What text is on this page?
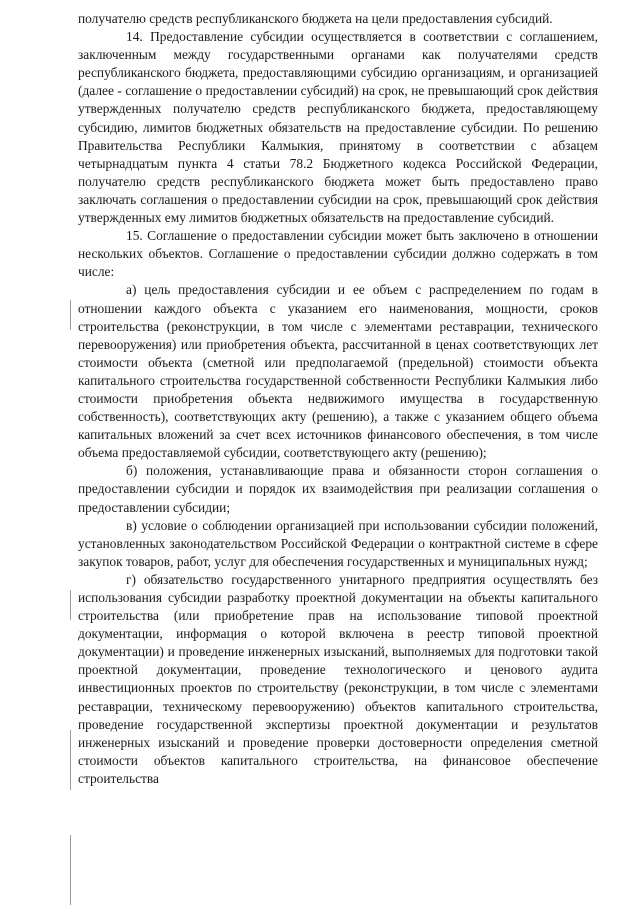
получателю средств республиканского бюджета на цели предоставления субсидий.

14. Предоставление субсидии осуществляется в соответствии с соглашением, заключенным между государственными органами как получателями средств республиканского бюджета, предоставляющими субсидию организациям, и организацией (далее - соглашение о предоставлении субсидий) на срок, не превышающий срок действия утвержденных получателю средств республиканского бюджета, предоставляющему субсидию, лимитов бюджетных обязательств на предоставление субсидии. По решению Правительства Республики Калмыкия, принятому в соответствии с абзацем четырнадцатым пункта 4 статьи 78.2 Бюджетного кодекса Российской Федерации, получателю средств республиканского бюджета может быть предоставлено право заключать соглашения о предоставлении субсидии на срок, превышающий срок действия утвержденных ему лимитов бюджетных обязательств на предоставление субсидий.

15. Соглашение о предоставлении субсидии может быть заключено в отношении нескольких объектов. Соглашение о предоставлении субсидии должно содержать в том числе:

а) цель предоставления субсидии и ее объем с распределением по годам в отношении каждого объекта с указанием его наименования, мощности, сроков строительства (реконструкции, в том числе с элементами реставрации, технического перевооружения) или приобретения объекта, рассчитанной в ценах соответствующих лет стоимости объекта (сметной или предполагаемой (предельной) стоимости объекта капитального строительства государственной собственности Республики Калмыкия либо стоимости приобретения объекта недвижимого имущества в государственную собственность), соответствующих акту (решению), а также с указанием общего объема капитальных вложений за счет всех источников финансового обеспечения, в том числе объема предоставляемой субсидии, соответствующего акту (решению);

б) положения, устанавливающие права и обязанности сторон соглашения о предоставлении субсидии и порядок их взаимодействия при реализации соглашения о предоставлении субсидии;

в) условие о соблюдении организацией при использовании субсидии положений, установленных законодательством Российской Федерации о контрактной системе в сфере закупок товаров, работ, услуг для обеспечения государственных и муниципальных нужд;

г) обязательство государственного унитарного предприятия осуществлять без использования субсидии разработку проектной документации на объекты капитального строительства (или приобретение прав на использование типовой проектной документации, информация о которой включена в реестр типовой проектной документации) и проведение инженерных изысканий, выполняемых для подготовки такой проектной документации, проведение технологического и ценового аудита инвестиционных проектов по строительству (реконструкции, в том числе с элементами реставрации, техническому перевооружению) объектов капитального строительства, проведение государственной экспертизы проектной документации и результатов инженерных изысканий и проведение проверки достоверности определения сметной стоимости объектов капитального строительства, на финансовое обеспечение строительства
